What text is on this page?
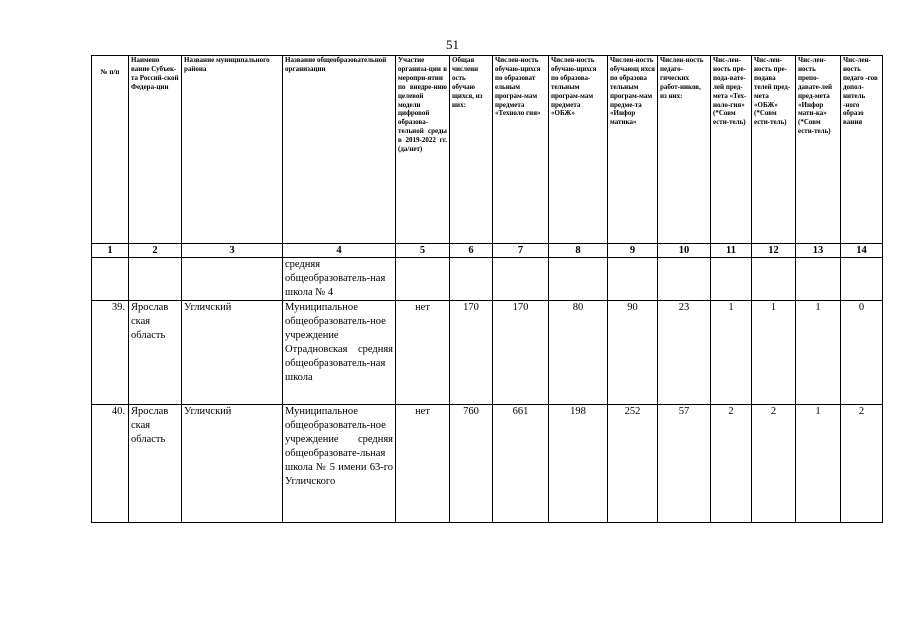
51
№ п/п	Наимено вание Субъек-та Россий-ской Федера-ции	Название муниципального района	Название общеобразовательной организации	Участие организа-ции в меропри-ятии по внедре-нию целевой модели цифровой образова-тельной среды в 2019-2022 гг. (да/нет)	Общая численн ость обучаю щихся, из них:	Числен-ность обучаю-щихся по образоват ельным програм-мам предмета «Техноло гия»	Числен-ность обучаю-щихся по образова-тельным програм-мам предмета «ОБЖ»	Числен-ность обучающ ихся по образова тельным програм-мам предме-та «Инфор матика»	Числен-ность педаго-гических работ-ников, из них:	Чис-лен-ность пре-пода-вате-лей пред-мета «Тех-ноло-гия» (*Совм ести-тель)	Чис-лен-ность пре-подава телей пред-мета «ОБЖ» (*Совм ести-тель)	Чис-лен-ность препо-давате-лей пред-мета «Инфор мати-ка» (*Совм ести-тель)	Чис-лен-ность педаго -гов допол-нитель -ного образо вания
1	2	3	4	5	6	7	8	9	10	11	12	13	14
			средняя общеобразователь-ная школа № 4										
39.	Ярослав ская область	Угличский	Муниципальное общеобразователь-ное учреждение Отрадновская средняя общеобразователь-ная школа	нет	170	170	80	90	23	1	1	1	0
40.	Ярослав ская область	Угличский	Муниципальное общеобразователь-ное учреждение средняя общеобразовате-льная школа № 5 имени 63-го Угличского	нет	760	661	198	252	57	2	2	1	2
